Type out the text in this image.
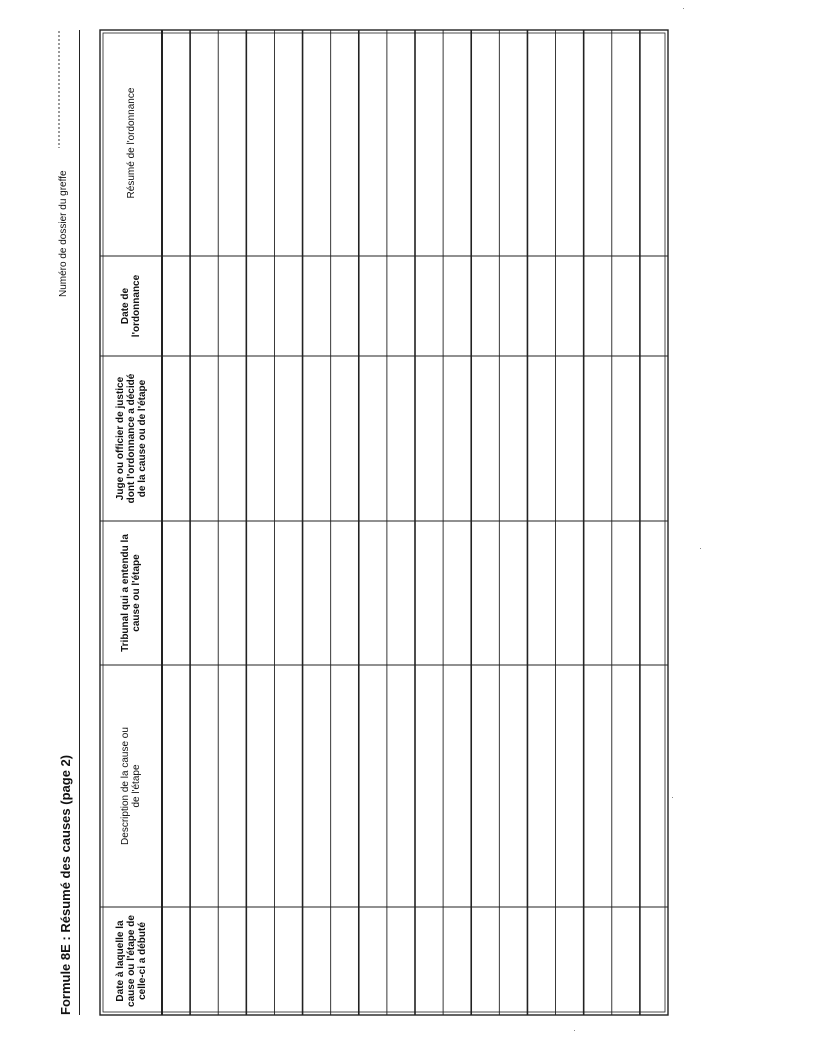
Formule 8E : Résumé des causes (page 2)
Numéro de dossier du greffe
Date à laquelle la cause ou l'étape de celle-ci a débuté
Description de la cause ou de l'étape
Tribunal qui a entendu la cause ou l'étape
Juge ou officier de justice dont l'ordonnance a décidé de la cause ou de l'étape
Date de l'ordonnance
Résumé de l'ordonnance
